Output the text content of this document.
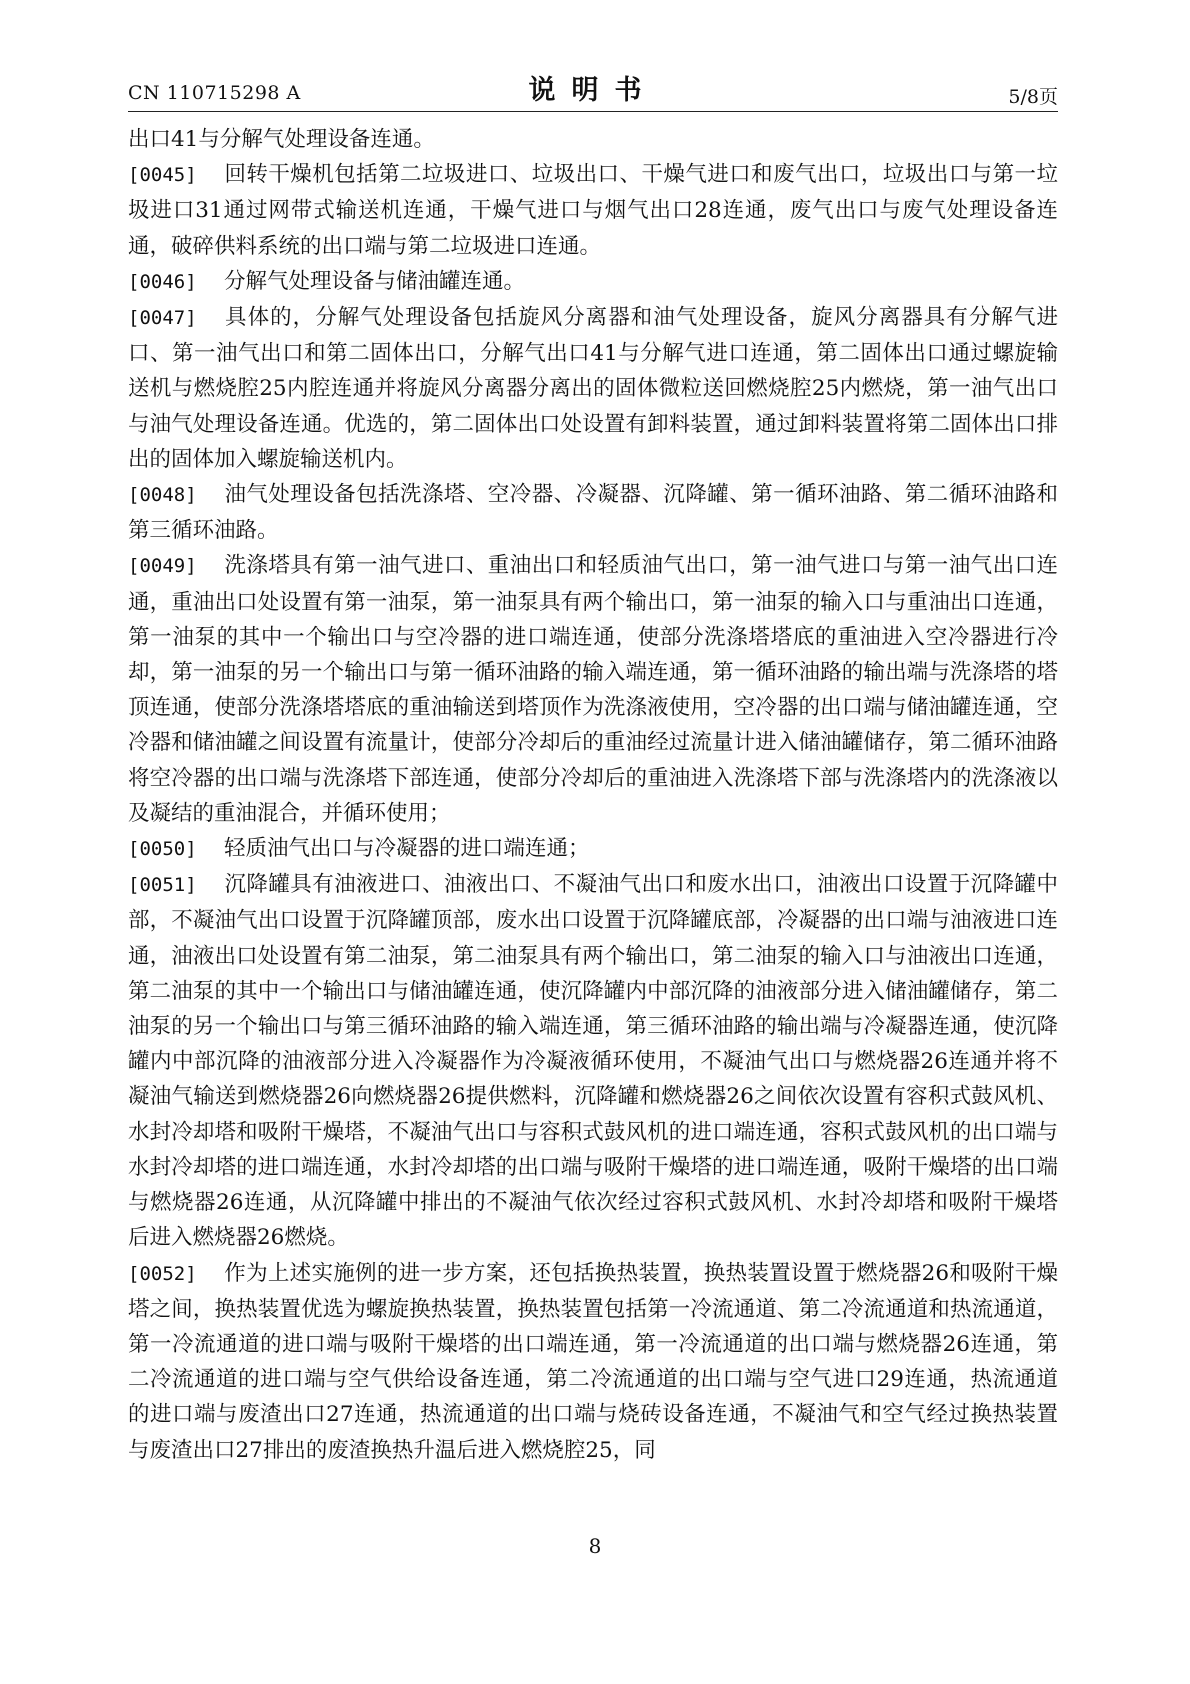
CN 110715298 A	说明书	5/8页

出口41与分解气处理设备连通。

[0045] 回转干燥机包括第二垃圾进口、垃圾出口、干燥气进口和废气出口，垃圾出口与第一垃圾进口31通过网带式输送机连通，干燥气进口与烟气出口28连通，废气出口与废气处理设备连通，破碎供料系统的出口端与第二垃圾进口连通。

[0046] 分解气处理设备与储油罐连通。

[0047] 具体的，分解气处理设备包括旋风分离器和油气处理设备，旋风分离器具有分解气进口、第一油气出口和第二固体出口，分解气出口41与分解气进口连通，第二固体出口通过螺旋输送机与燃烧腔25内腔连通并将旋风分离器分离出的固体微粒送回燃烧腔25内燃烧，第一油气出口与油气处理设备连通。优选的，第二固体出口处设置有卸料装置，通过卸料装置将第二固体出口排出的固体加入螺旋输送机内。

[0048] 油气处理设备包括洗涤塔、空冷器、冷凝器、沉降罐、第一循环油路、第二循环油路和第三循环油路。

[0049] 洗涤塔具有第一油气进口、重油出口和轻质油气出口，第一油气进口与第一油气出口连通，重油出口处设置有第一油泵，第一油泵具有两个输出口，第一油泵的输入口与重油出口连通，第一油泵的其中一个输出口与空冷器的进口端连通，使部分洗涤塔塔底的重油进入空冷器进行冷却，第一油泵的另一个输出口与第一循环油路的输入端连通，第一循环油路的输出端与洗涤塔的塔顶连通，使部分洗涤塔塔底的重油输送到塔顶作为洗涤液使用，空冷器的出口端与储油罐连通，空冷器和储油罐之间设置有流量计，使部分冷却后的重油经过流量计进入储油罐储存，第二循环油路将空冷器的出口端与洗涤塔下部连通，使部分冷却后的重油进入洗涤塔下部与洗涤塔内的洗涤液以及凝结的重油混合，并循环使用；

[0050] 轻质油气出口与冷凝器的进口端连通；

[0051] 沉降罐具有油液进口、油液出口、不凝油气出口和废水出口，油液出口设置于沉降罐中部，不凝油气出口设置于沉降罐顶部，废水出口设置于沉降罐底部，冷凝器的出口端与油液进口连通，油液出口处设置有第二油泵，第二油泵具有两个输出口，第二油泵的输入口与油液出口连通，第二油泵的其中一个输出口与储油罐连通，使沉降罐内中部沉降的油液部分进入储油罐储存，第二油泵的另一个输出口与第三循环油路的输入端连通，第三循环油路的输出端与冷凝器连通，使沉降罐内中部沉降的油液部分进入冷凝器作为冷凝液循环使用，不凝油气出口与燃烧器26连通并将不凝油气输送到燃烧器26向燃烧器26提供燃料，沉降罐和燃烧器26之间依次设置有容积式鼓风机、水封冷却塔和吸附干燥塔，不凝油气出口与容积式鼓风机的进口端连通，容积式鼓风机的出口端与水封冷却塔的进口端连通，水封冷却塔的出口端与吸附干燥塔的进口端连通，吸附干燥塔的出口端与燃烧器26连通，从沉降罐中排出的不凝油气依次经过容积式鼓风机、水封冷却塔和吸附干燥塔后进入燃烧器26燃烧。

[0052] 作为上述实施例的进一步方案，还包括换热装置，换热装置设置于燃烧器26和吸附干燥塔之间，换热装置优选为螺旋换热装置，换热装置包括第一冷流通道、第二冷流通道和热流通道，第一冷流通道的进口端与吸附干燥塔的出口端连通，第一冷流通道的出口端与燃烧器26连通，第二冷流通道的进口端与空气供给设备连通，第二冷流通道的出口端与空气进口29连通，热流通道的进口端与废渣出口27连通，热流通道的出口端与烧砖设备连通，不凝油气和空气经过换热装置与废渣出口27排出的废渣换热升温后进入燃烧腔25，同

8
